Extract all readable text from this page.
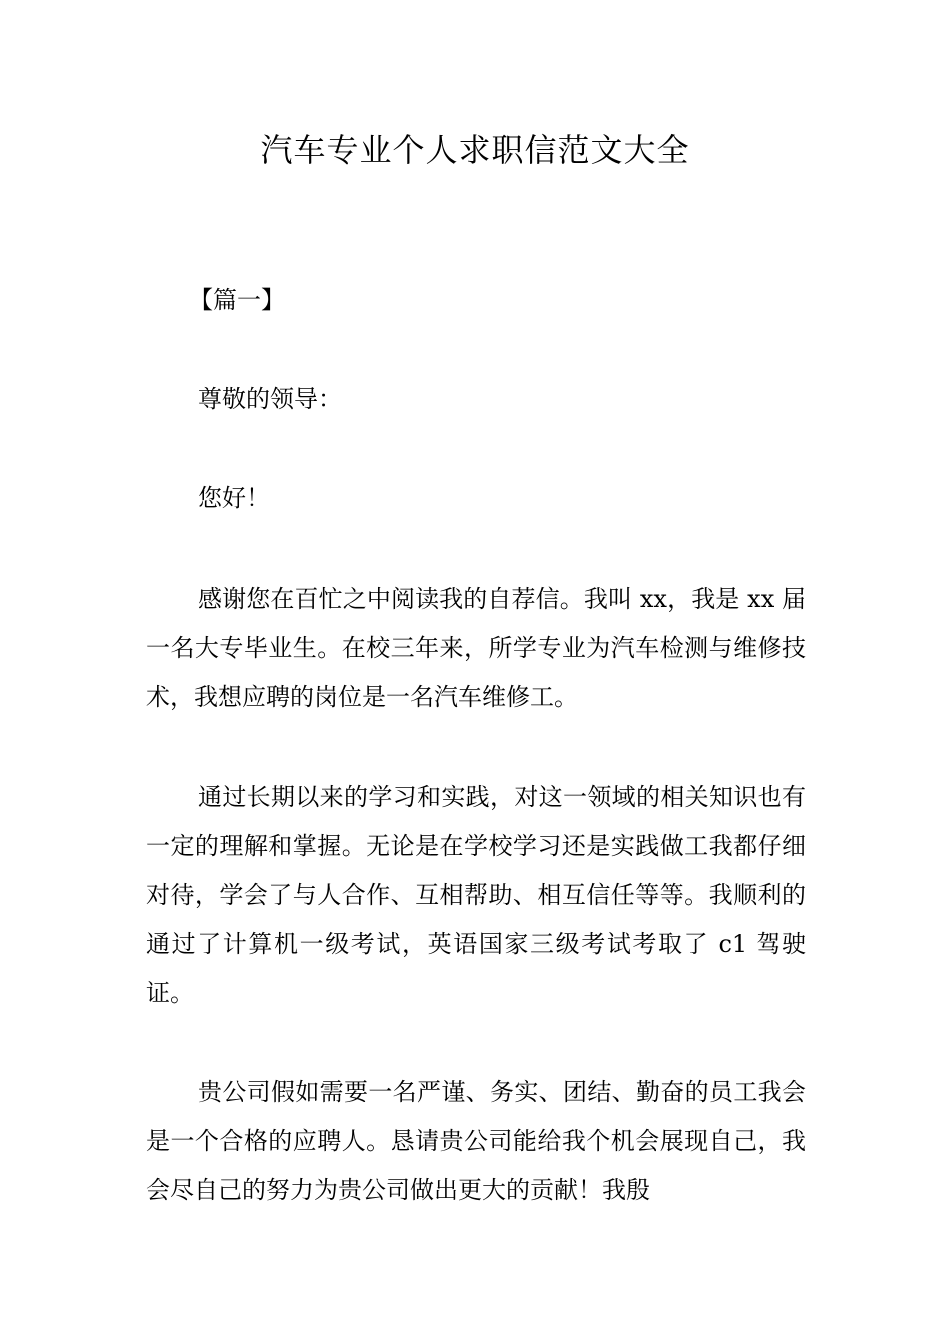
汽车专业个人求职信范文大全
【篇一】
尊敬的领导：
您好！
感谢您在百忙之中阅读我的自荐信。我叫 xx，我是 xx 届一名大专毕业生。在校三年来，所学专业为汽车检测与维修技术，我想应聘的岗位是一名汽车维修工。
通过长期以来的学习和实践，对这一领域的相关知识也有一定的理解和掌握。无论是在学校学习还是实践做工我都仔细对待，学会了与人合作、互相帮助、相互信任等等。我顺利的通过了计算机一级考试，英语国家三级考试考取了 c1 驾驶证。
贵公司假如需要一名严谨、务实、团结、勤奋的员工我会是一个合格的应聘人。恳请贵公司能给我个机会展现自己，我会尽自己的努力为贵公司做出更大的贡献！我殷
